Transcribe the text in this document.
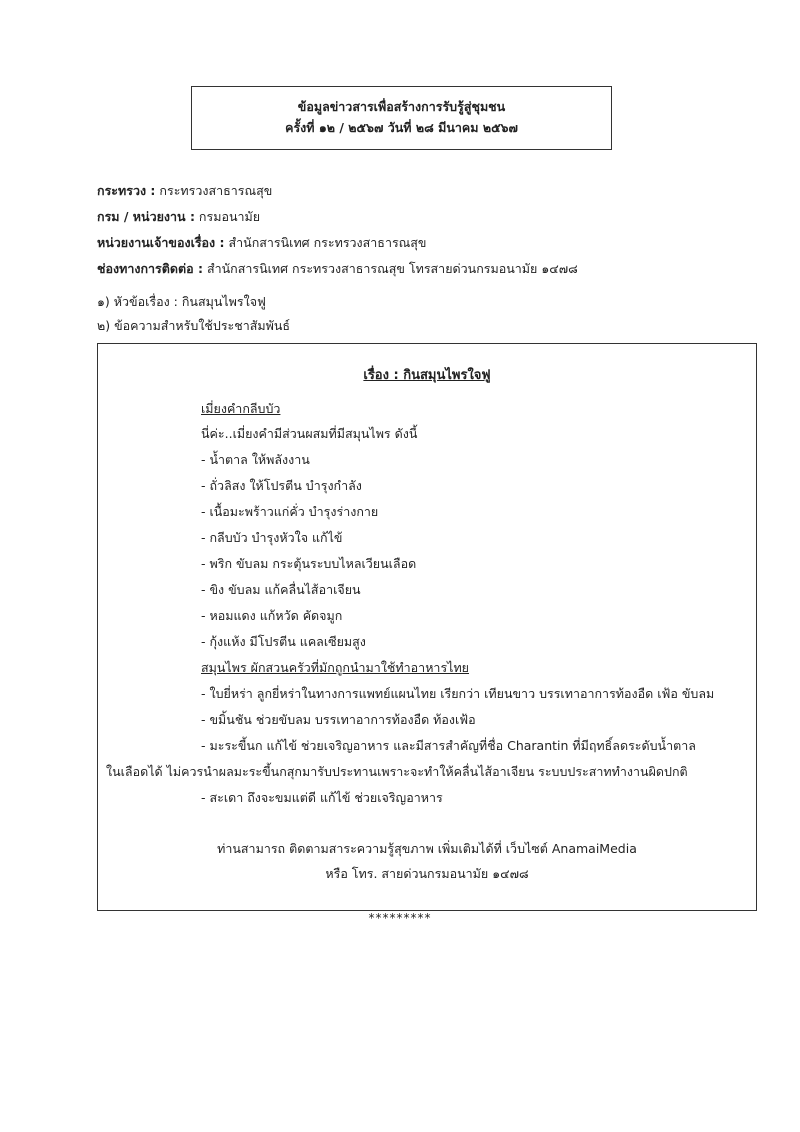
ข้อมูลข่าวสารเพื่อสร้างการรับรู้สู่ชุมชน
ครั้งที่ ๑๒ / ๒๕๖๗ วันที่ ๒๘ มีนาคม ๒๕๖๗
กระทรวง : กระทรวงสาธารณสุข
กรม / หน่วยงาน : กรมอนามัย
หน่วยงานเจ้าของเรื่อง : สำนักสารนิเทศ กระทรวงสาธารณสุข
ช่องทางการติดต่อ : สำนักสารนิเทศ กระทรวงสาธารณสุข โทรสายด่วนกรมอนามัย ๑๔๗๘
๑) หัวข้อเรื่อง : กินสมุนไพรใจฟู
๒) ข้อความสำหรับใช้ประชาสัมพันธ์
เรื่อง : กินสมุนไพรใจฟู
เมี่ยงคำกลีบบัว
นี่ค่ะ..เมี่ยงคำมีส่วนผสมที่มีสมุนไพร ดังนี้
- น้ำตาล ให้พลังงาน
- ถั่วลิสง ให้โปรตีน บำรุงกำลัง
- เนื้อมะพร้าวแก่คั่ว บำรุงร่างกาย
- กลีบบัว บำรุงหัวใจ แก้ไข้
- พริก ขับลม กระตุ้นระบบไหลเวียนเลือด
- ขิง ขับลม แก้คลื่นไส้อาเจียน
- หอมแดง แก้หวัด คัดจมูก
- กุ้งแห้ง มีโปรตีน แคลเซียมสูง
สมุนไพร ผักสวนครัวที่มักถูกนำมาใช้ทำอาหารไทย
- ใบยี่หร่า ลูกยี่หร่าในทางการแพทย์แผนไทย เรียกว่า เทียนขาว บรรเทาอาการท้องอืด เฟ้อ ขับลม
- ขมิ้นชัน ช่วยขับลม บรรเทาอาการท้องอืด ท้องเฟ้อ
- มะระขี้นก แก้ไข้ ช่วยเจริญอาหาร และมีสารสำคัญที่ชื่อ Charantin ที่มีฤทธิ์ลดระดับน้ำตาล
ในเลือดได้ ไม่ควรนำผลมะระขี้นกสุกมารับประทานเพราะจะทำให้คลื่นไส้อาเจียน ระบบประสาททำงานผิดปกติ
- สะเดา ถึงจะขมแต่ดี แก้ไข้ ช่วยเจริญอาหาร
ท่านสามารถ ติดตามสาระความรู้สุขภาพ เพิ่มเติมได้ที่ เว็บไซต์ AnamaiMedia
หรือ โทร. สายด่วนกรมอนามัย ๑๔๗๘
*********
